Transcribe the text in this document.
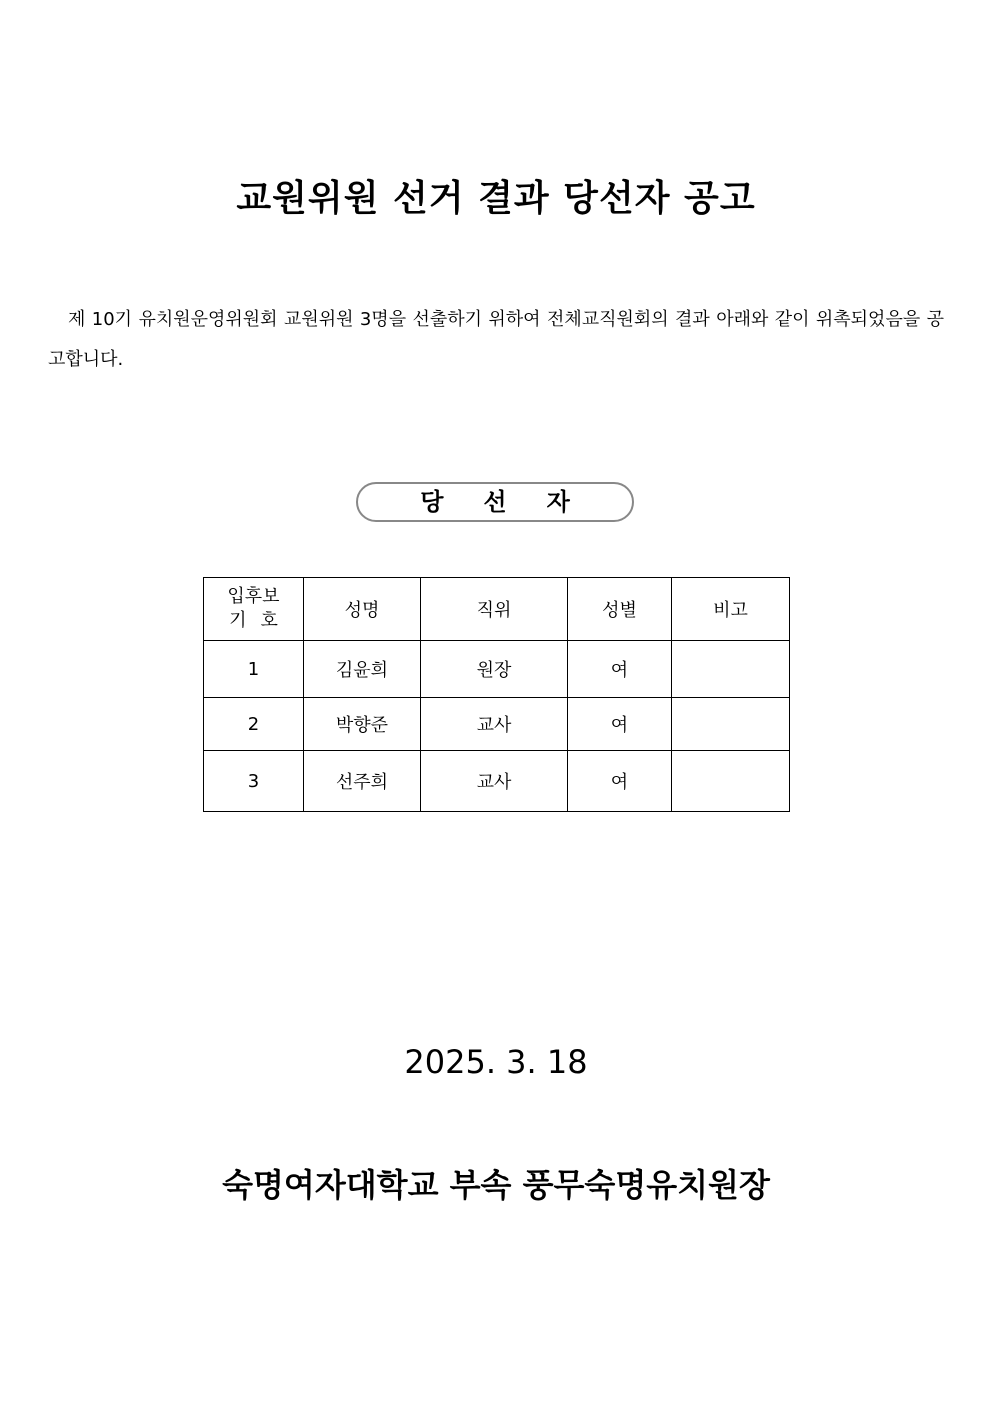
교원위원 선거 결과 당선자 공고

제 10기 유치원운영위원회 교원위원 3명을 선출하기 위하여 전체교직원회의 결과 아래와 같이 위촉되었음을 공고합니다.

당선자
입후보
기호	성명	직위	성별	비고
1	김윤희	원장	여	
2	박향준	교사	여	
3	선주희	교사	여	

2025. 3. 18

숙명여자대학교 부속 풍무숙명유치원장
